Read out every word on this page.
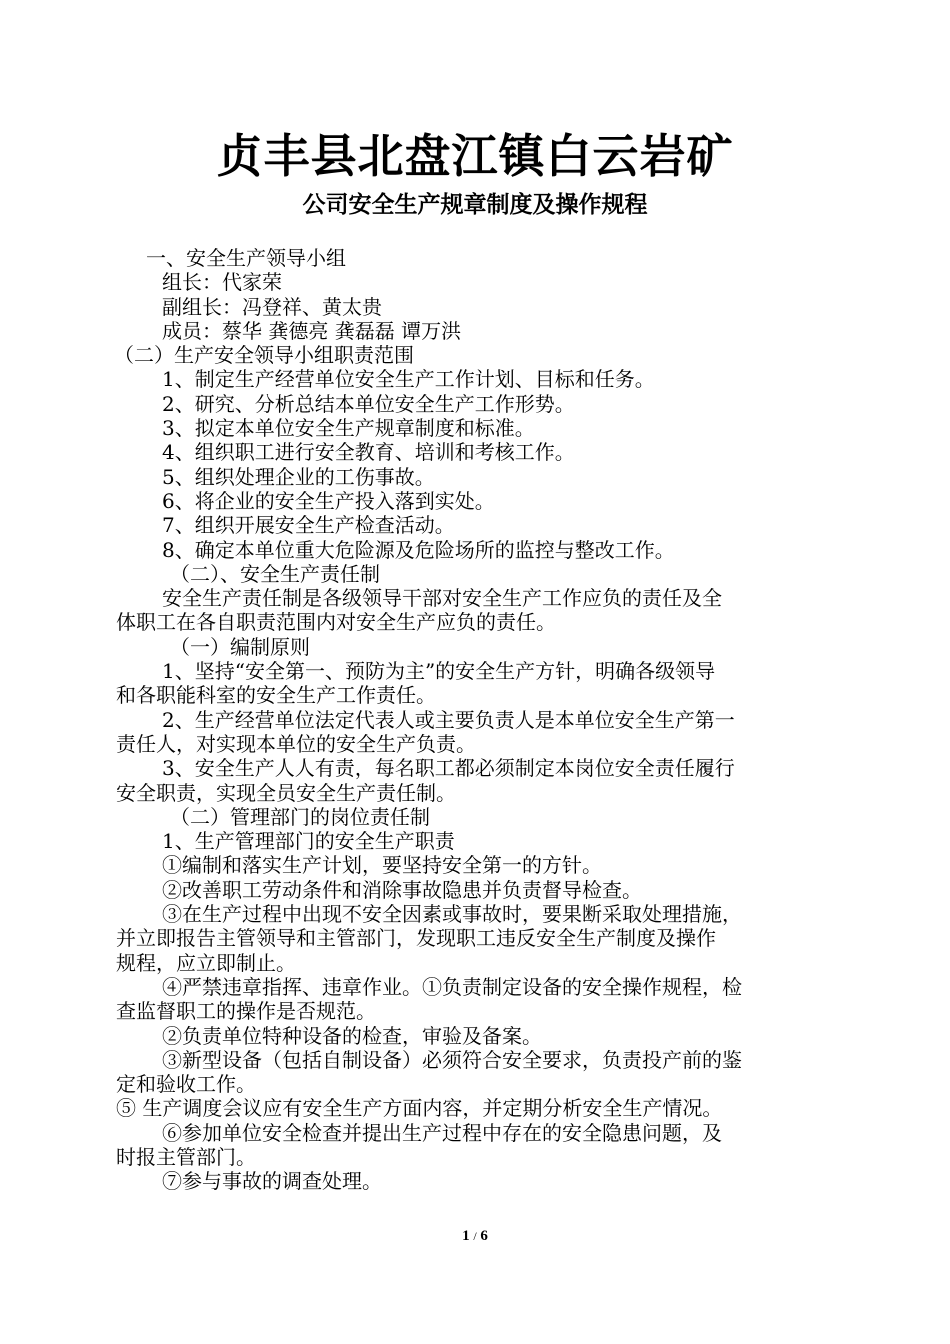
贞丰县北盘江镇白云岩矿
公司安全生产规章制度及操作规程
一、安全生产领导小组
组长：代家荣
副组长：冯登祥、黄太贵
成员：蔡华 龚德亮 龚磊磊 谭万洪
（二）生产安全领导小组职责范围
1、制定生产经营单位安全生产工作计划、目标和任务。
2、研究、分析总结本单位安全生产工作形势。
3、拟定本单位安全生产规章制度和标准。
4、组织职工进行安全教育、培训和考核工作。
5、组织处理企业的工伤事故。
6、将企业的安全生产投入落到实处。
7、组织开展安全生产检查活动。
8、确定本单位重大危险源及危险场所的监控与整改工作。
（二）、安全生产责任制
安全生产责任制是各级领导干部对安全生产工作应负的责任及全
体职工在各自职责范围内对安全生产应负的责任。
（一）编制原则
1、坚持“安全第一、预防为主”的安全生产方针，明确各级领导
和各职能科室的安全生产工作责任。
2、生产经营单位法定代表人或主要负责人是本单位安全生产第一
责任人，对实现本单位的安全生产负责。
3、安全生产人人有责，每名职工都必须制定本岗位安全责任履行
安全职责，实现全员安全生产责任制。
（二）管理部门的岗位责任制
1、生产管理部门的安全生产职责
①编制和落实生产计划，要坚持安全第一的方针。
②改善职工劳动条件和消除事故隐患并负责督导检查。
③在生产过程中出现不安全因素或事故时，要果断采取处理措施，
并立即报告主管领导和主管部门，发现职工违反安全生产制度及操作
规程，应立即制止。
④严禁违章指挥、违章作业。①负责制定设备的安全操作规程，检
查监督职工的操作是否规范。
②负责单位特种设备的检查，审验及备案。
③新型设备（包括自制设备）必须符合安全要求，负责投产前的鉴
定和验收工作。
⑤ 生产调度会议应有安全生产方面内容，并定期分析安全生产情况。
⑥参加单位安全检查并提出生产过程中存在的安全隐患问题，及
时报主管部门。
⑦参与事故的调查处理。
1 / 6
